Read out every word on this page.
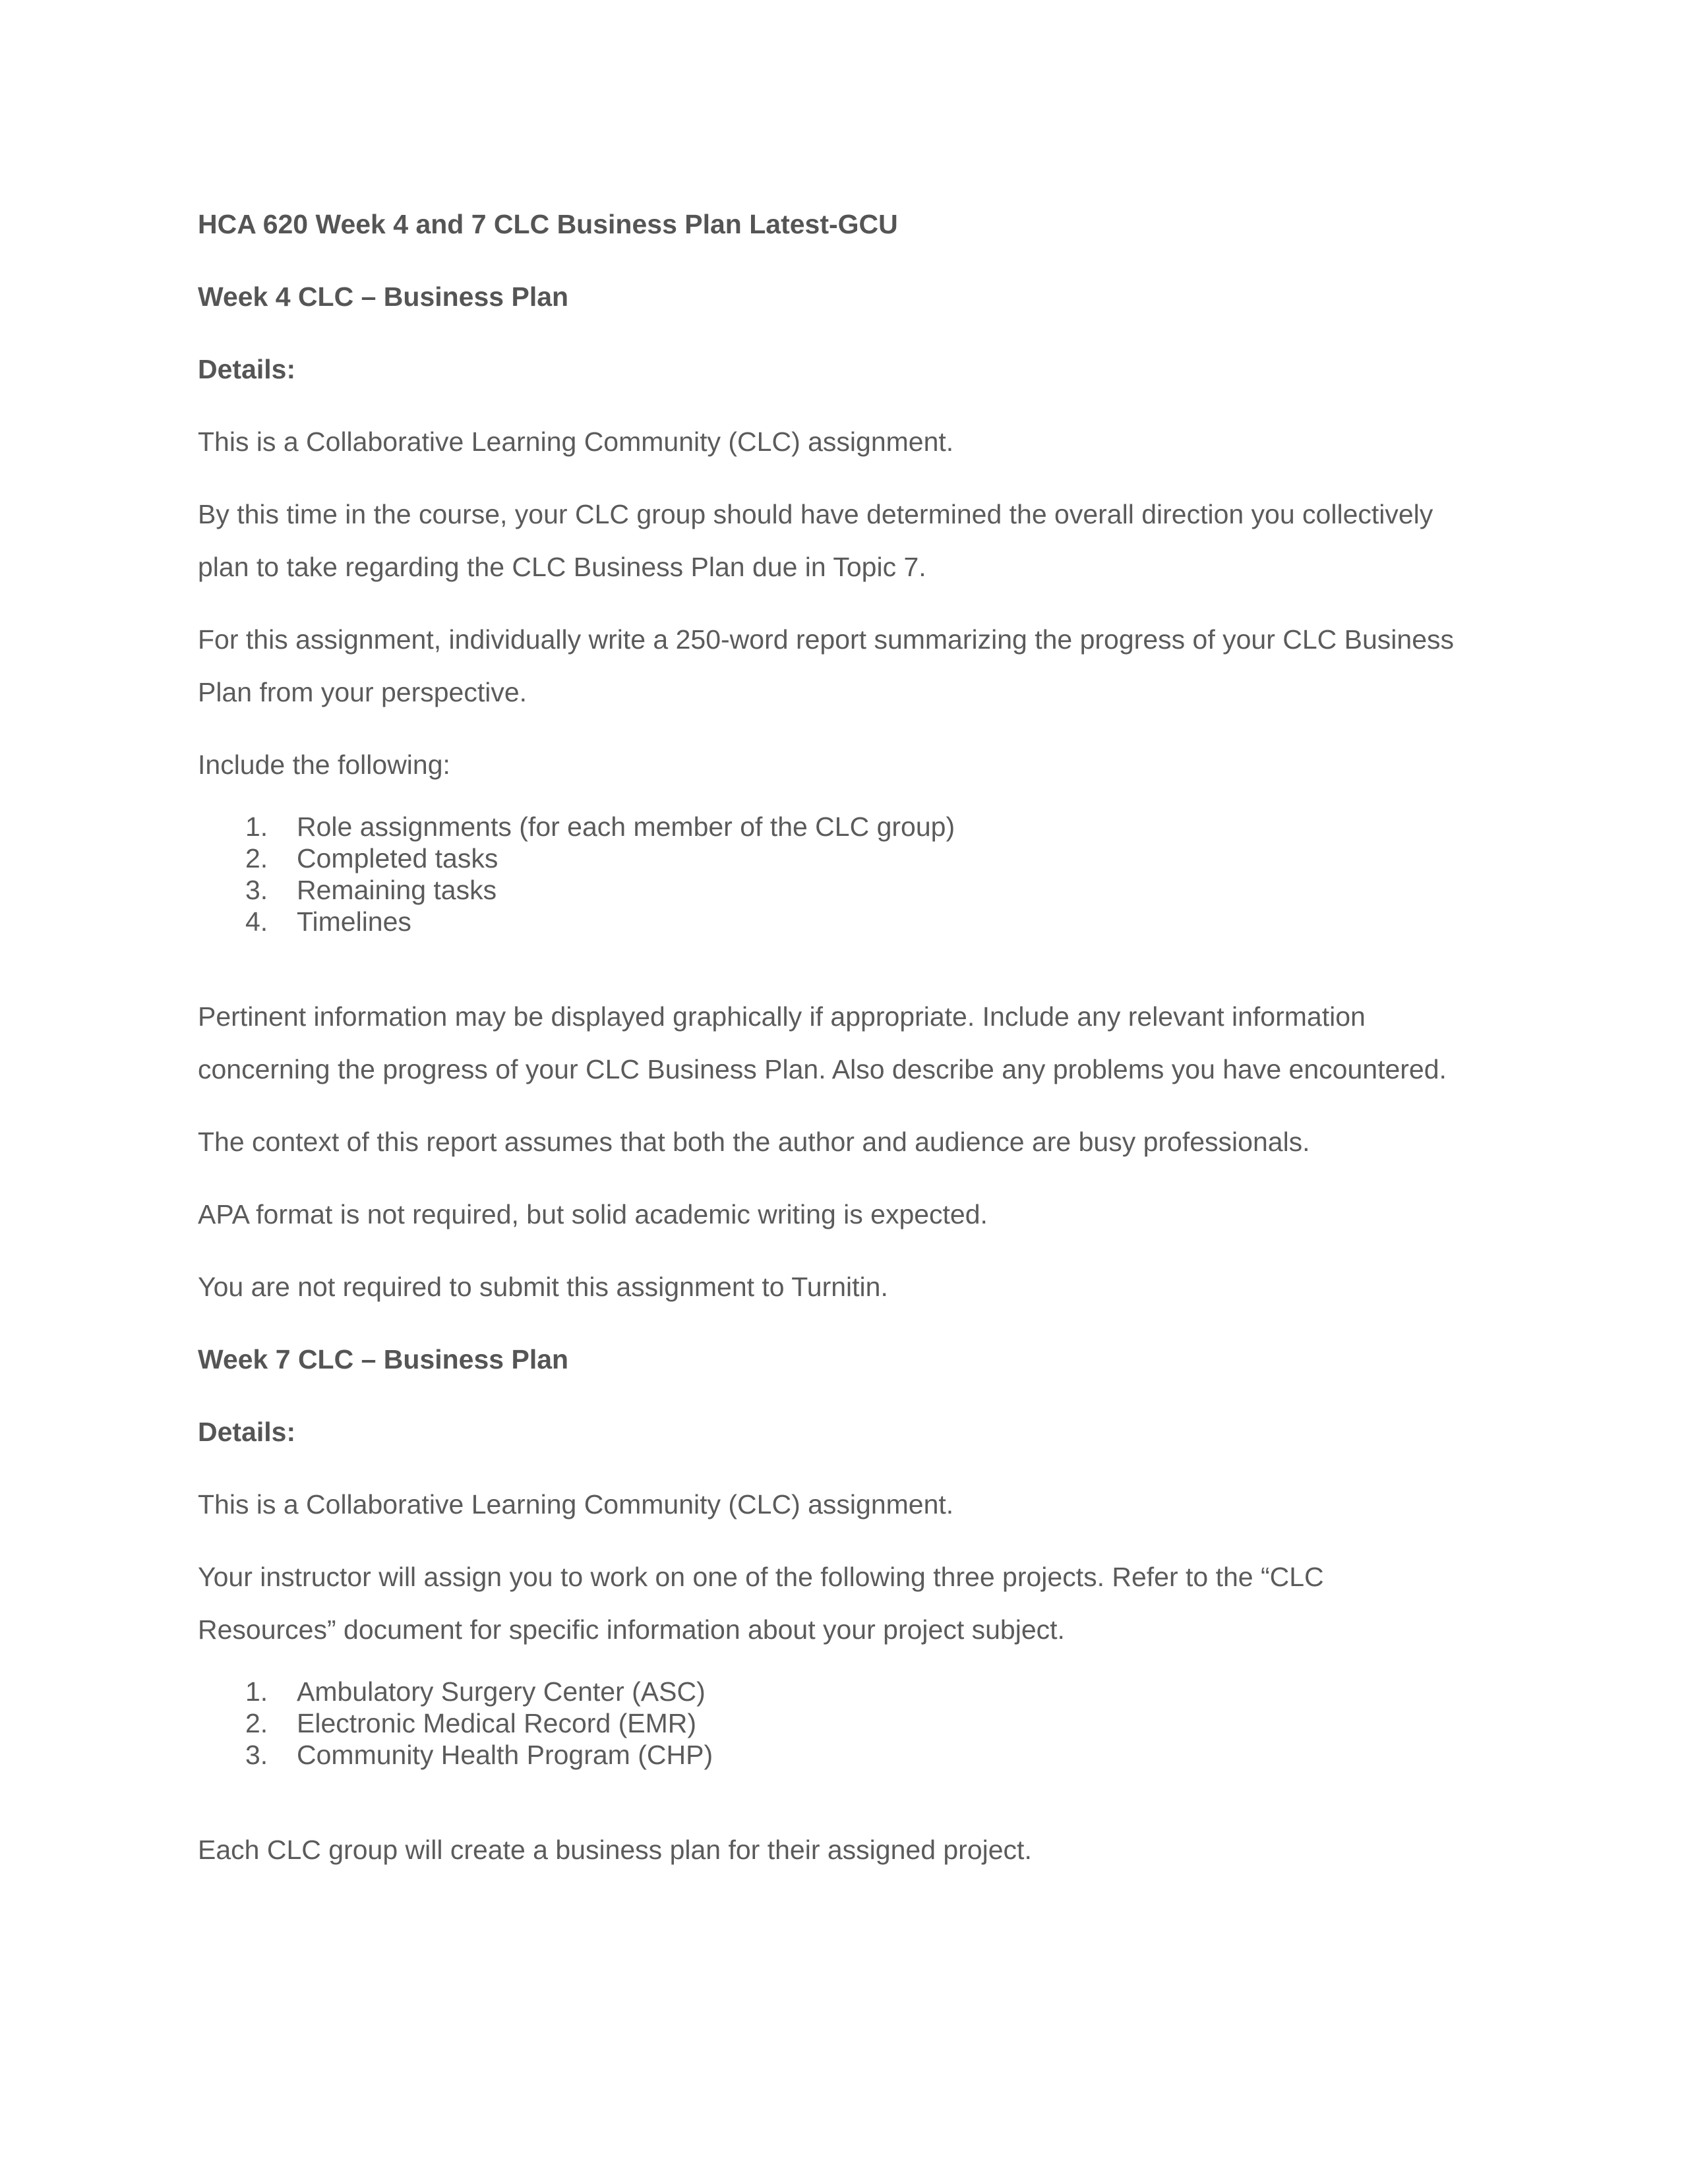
HCA 620 Week 4 and 7 CLC Business Plan Latest-GCU

Week 4 CLC – Business Plan

Details:

This is a Collaborative Learning Community (CLC) assignment.

By this time in the course, your CLC group should have determined the overall direction you collectively

plan to take regarding the CLC Business Plan due in Topic 7.

For this assignment, individually write a 250-word report summarizing the progress of your CLC Business

Plan from your perspective.

Include the following:

1.	Role assignments (for each member of the CLC group)
2.	Completed tasks
3.	Remaining tasks
4.	Timelines

Pertinent information may be displayed graphically if appropriate. Include any relevant information

concerning the progress of your CLC Business Plan. Also describe any problems you have encountered.

The context of this report assumes that both the author and audience are busy professionals.

APA format is not required, but solid academic writing is expected.

You are not required to submit this assignment to Turnitin.

Week 7 CLC – Business Plan

Details:

This is a Collaborative Learning Community (CLC) assignment.

Your instructor will assign you to work on one of the following three projects. Refer to the “CLC

Resources” document for specific information about your project subject.

1.	Ambulatory Surgery Center (ASC)
2.	Electronic Medical Record (EMR)
3.	Community Health Program (CHP)

Each CLC group will create a business plan for their assigned project.
